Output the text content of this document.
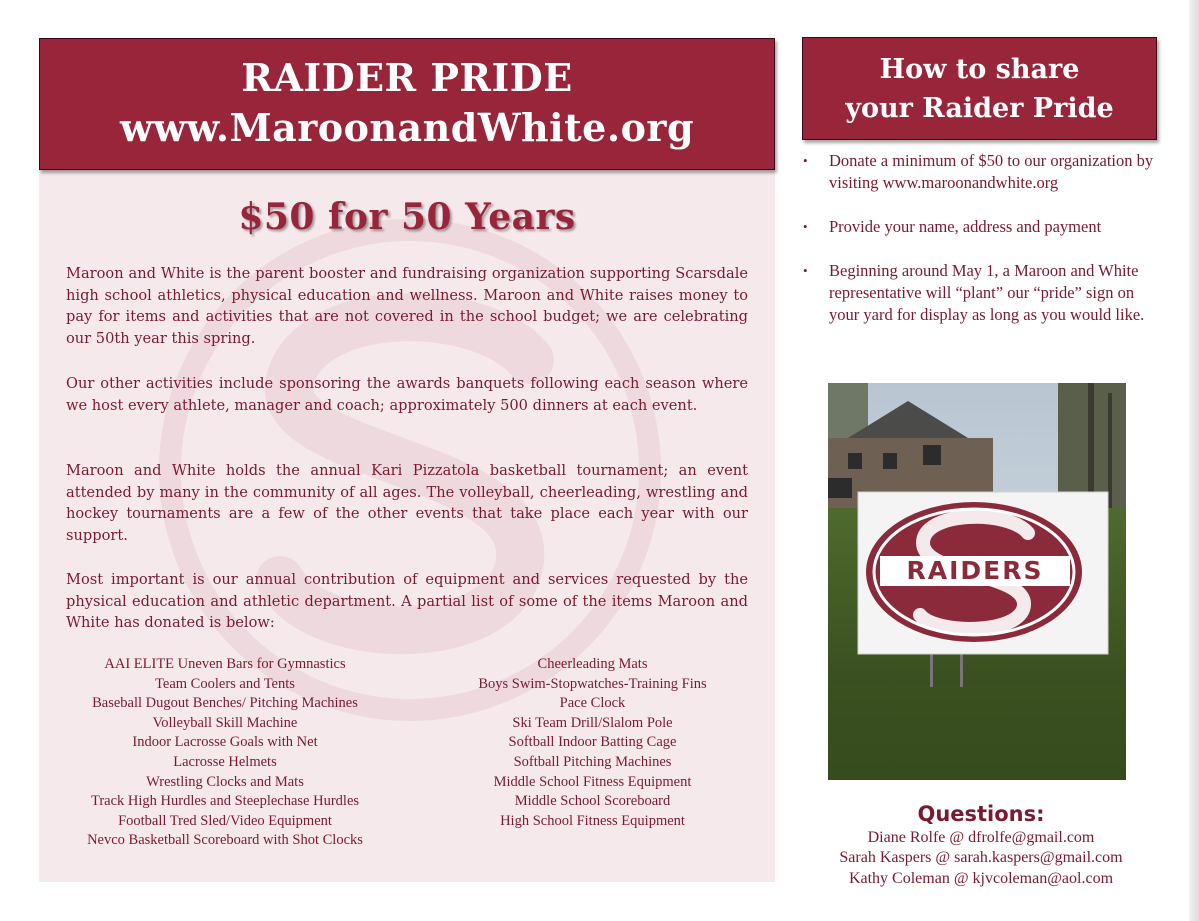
RAIDER PRIDE
www.MaroonandWhite.org
$50 for 50 Years

Maroon and White is the parent booster and fundraising organization supporting Scarsdale high school athletics, physical education and wellness. Maroon and White raises money to pay for items and activities that are not covered in the school budget; we are celebrating our 50th year this spring.

Our other activities include sponsoring the awards banquets following each season where we host every athlete, manager and coach; approximately 500 dinners at each event.

Maroon and White holds the annual Kari Pizzatola basketball tournament; an event attended by many in the community of all ages. The volleyball, cheerleading, wrestling and hockey tournaments are a few of the other events that take place each year with our support.

Most important is our annual contribution of equipment and services requested by the physical education and athletic department. A partial list of some of the items Maroon and White has donated is below:

AAI ELITE Uneven Bars for Gymnastics
Team Coolers and Tents
Baseball Dugout Benches/ Pitching Machines
Volleyball Skill Machine
Indoor Lacrosse Goals with Net
Lacrosse Helmets
Wrestling Clocks and Mats
Track High Hurdles and Steeplechase Hurdles
Football Tred Sled/Video Equipment
Nevco Basketball Scoreboard with Shot Clocks
Cheerleading Mats
Boys Swim-Stopwatches-Training Fins
Pace Clock
Ski Team Drill/Slalom Pole
Softball Indoor Batting Cage
Softball Pitching Machines
Middle School Fitness Equipment
Middle School Scoreboard
High School Fitness Equipment
How to share
your Raider Pride
• Donate a minimum of $50 to our organization by visiting www.maroonandwhite.org
• Provide your name, address and payment
• Beginning around May 1, a Maroon and White representative will “plant” our “pride” sign on your yard for display as long as you would like.
RAIDERS
Questions:
Diane Rolfe @ dfrolfe@gmail.com
Sarah Kaspers @ sarah.kaspers@gmail.com
Kathy Coleman @ kjvcoleman@aol.com
